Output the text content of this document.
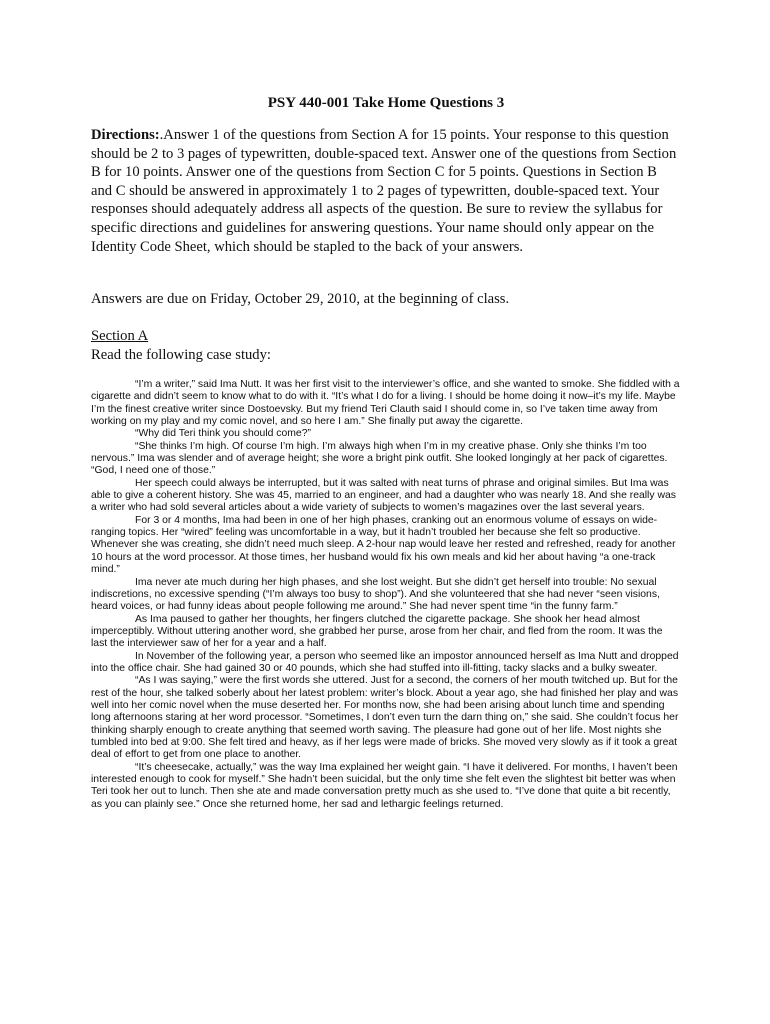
PSY 440-001 Take Home Questions 3
Directions:.Answer 1 of the questions from Section A for 15 points. Your response to this question should be 2 to 3 pages of typewritten, double-spaced text. Answer one of the questions from Section B for 10 points. Answer one of the questions from Section C for 5 points. Questions in Section B and C should be answered in approximately 1 to 2 pages of typewritten, double-spaced text. Your responses should adequately address all aspects of the question. Be sure to review the syllabus for specific directions and guidelines for answering questions. Your name should only appear on the Identity Code Sheet, which should be stapled to the back of your answers.
Answers are due on Friday, October 29, 2010, at the beginning of class.
Section A
Read the following case study:

“I’m a writer,” said Ima Nutt. It was her first visit to the interviewer’s office, and she wanted to smoke. She fiddled with a cigarette and didn’t seem to know what to do with it. “It’s what I do for a living. I should be home doing it now–it’s my life. Maybe I’m the finest creative writer since Dostoevsky. But my friend Teri Clauth said I should come in, so I’ve taken time away from working on my play and my comic novel, and so here I am.” She finally put away the cigarette.

“Why did Teri think you should come?”

“She thinks I’m high. Of course I’m high. I’m always high when I’m in my creative phase. Only she thinks I’m too nervous.” Ima was slender and of average height; she wore a bright pink outfit. She looked longingly at her pack of cigarettes. “God, I need one of those.”

Her speech could always be interrupted, but it was salted with neat turns of phrase and original similes. But Ima was able to give a coherent history. She was 45, married to an engineer, and had a daughter who was nearly 18. And she really was a writer who had sold several articles about a wide variety of subjects to women’s magazines over the last several years.

For 3 or 4 months, Ima had been in one of her high phases, cranking out an enormous volume of essays on wide-ranging topics. Her “wired” feeling was uncomfortable in a way, but it hadn’t troubled her because she felt so productive. Whenever she was creating, she didn’t need much sleep. A 2-hour nap would leave her rested and refreshed, ready for another 10 hours at the word processor. At those times, her husband would fix his own meals and kid her about having “a one-track mind.”

Ima never ate much during her high phases, and she lost weight. But she didn’t get herself into trouble: No sexual indiscretions, no excessive spending (“I’m always too busy to shop”). And she volunteered that she had never “seen visions, heard voices, or had funny ideas about people following me around.” She had never spent time “in the funny farm.”

As Ima paused to gather her thoughts, her fingers clutched the cigarette package. She shook her head almost imperceptibly. Without uttering another word, she grabbed her purse, arose from her chair, and fled from the room. It was the last the interviewer saw of her for a year and a half.

In November of the following year, a person who seemed like an impostor announced herself as Ima Nutt and dropped into the office chair. She had gained 30 or 40 pounds, which she had stuffed into ill-fitting, tacky slacks and a bulky sweater.

“As I was saying,” were the first words she uttered. Just for a second, the corners of her mouth twitched up. But for the rest of the hour, she talked soberly about her latest problem: writer’s block. About a year ago, she had finished her play and was well into her comic novel when the muse deserted her. For months now, she had been arising about lunch time and spending long afternoons staring at her word processor. “Sometimes, I don’t even turn the darn thing on,” she said. She couldn’t focus her thinking sharply enough to create anything that seemed worth saving. The pleasure had gone out of her life. Most nights she tumbled into bed at 9:00. She felt tired and heavy, as if her legs were made of bricks. She moved very slowly as if it took a great deal of effort to get from one place to another.

“It’s cheesecake, actually,” was the way Ima explained her weight gain. “I have it delivered. For months, I haven’t been interested enough to cook for myself.” She hadn’t been suicidal, but the only time she felt even the slightest bit better was when Teri took her out to lunch. Then she ate and made conversation pretty much as she used to. “I’ve done that quite a bit recently, as you can plainly see.” Once she returned home, her sad and lethargic feelings returned.
